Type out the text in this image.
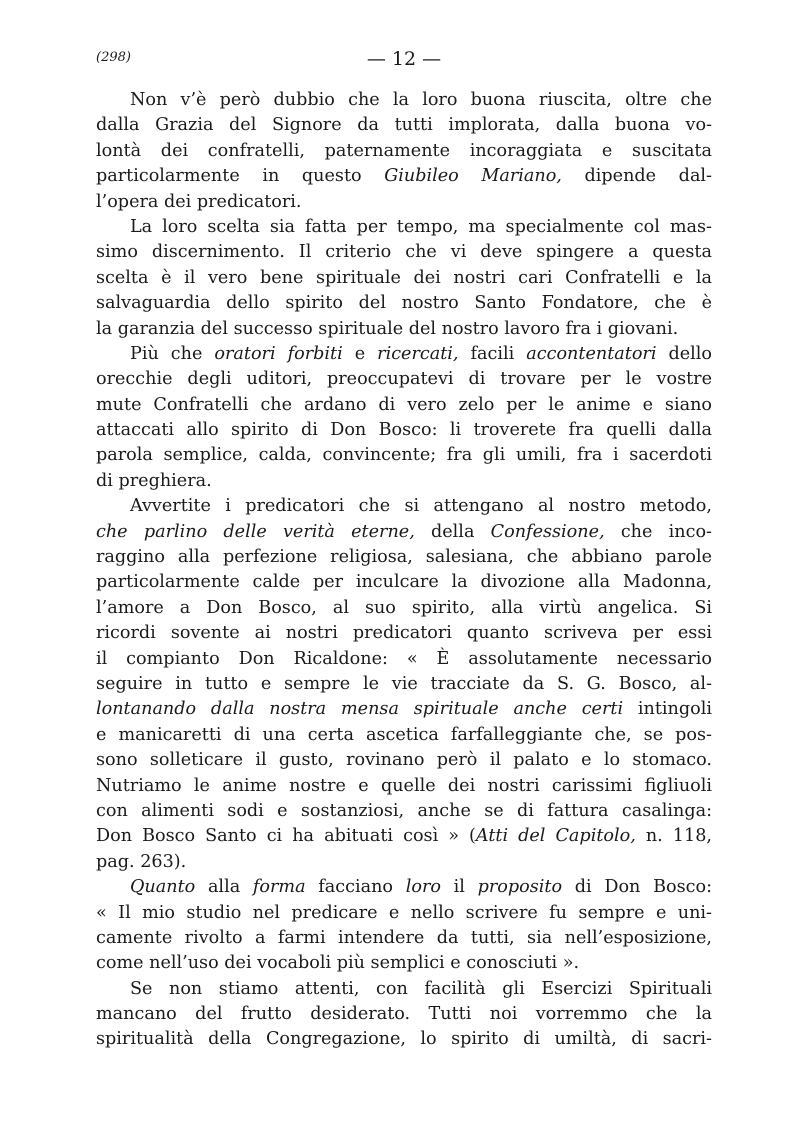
(298)	— 12 —
Non v’è però dubbio che la loro buona riuscita, oltre che
dalla Grazia del Signore da tutti implorata, dalla buona vo-
lontà dei confratelli, paternamente incoraggiata e suscitata
particolarmente in questo Giubileo Mariano, dipende dal-
l’opera dei predicatori.
La loro scelta sia fatta per tempo, ma specialmente col mas-
simo discernimento. Il criterio che vi deve spingere a questa
scelta è il vero bene spirituale dei nostri cari Confratelli e la
salvaguardia dello spirito del nostro Santo Fondatore, che è
la garanzia del successo spirituale del nostro lavoro fra i giovani.
Più che oratori forbiti e ricercati, facili accontentatori dello
orecchie degli uditori, preoccupatevi di trovare per le vostre
mute Confratelli che ardano di vero zelo per le anime e siano
attaccati allo spirito di Don Bosco: li troverete fra quelli dalla
parola semplice, calda, convincente; fra gli umili, fra i sacerdoti
di preghiera.
Avvertite i predicatori che si attengano al nostro metodo,
che parlino delle verità eterne, della Confessione, che inco-
raggino alla perfezione religiosa, salesiana, che abbiano parole
particolarmente calde per inculcare la divozione alla Madonna,
l’amore a Don Bosco, al suo spirito, alla virtù angelica. Si
ricordi sovente ai nostri predicatori quanto scriveva per essi
il compianto Don Ricaldone: « È assolutamente necessario
seguire in tutto e sempre le vie tracciate da S. G. Bosco, al-
lontanando dalla nostra mensa spirituale anche certi intingoli
e manicaretti di una certa ascetica farfalleggiante che, se pos-
sono solleticare il gusto, rovinano però il palato e lo stomaco.
Nutriamo le anime nostre e quelle dei nostri carissimi figliuoli
con alimenti sodi e sostanziosi, anche se di fattura casalinga:
Don Bosco Santo ci ha abituati così » (Atti del Capitolo, n. 118,
pag. 263).
Quanto alla forma facciano loro il proposito di Don Bosco:
« Il mio studio nel predicare e nello scrivere fu sempre e uni-
camente rivolto a farmi intendere da tutti, sia nell’esposizione,
come nell’uso dei vocaboli più semplici e conosciuti ».
Se non stiamo attenti, con facilità gli Esercizi Spirituali
mancano del frutto desiderato. Tutti noi vorremmo che la
spiritualità della Congregazione, lo spirito di umiltà, di sacri-
